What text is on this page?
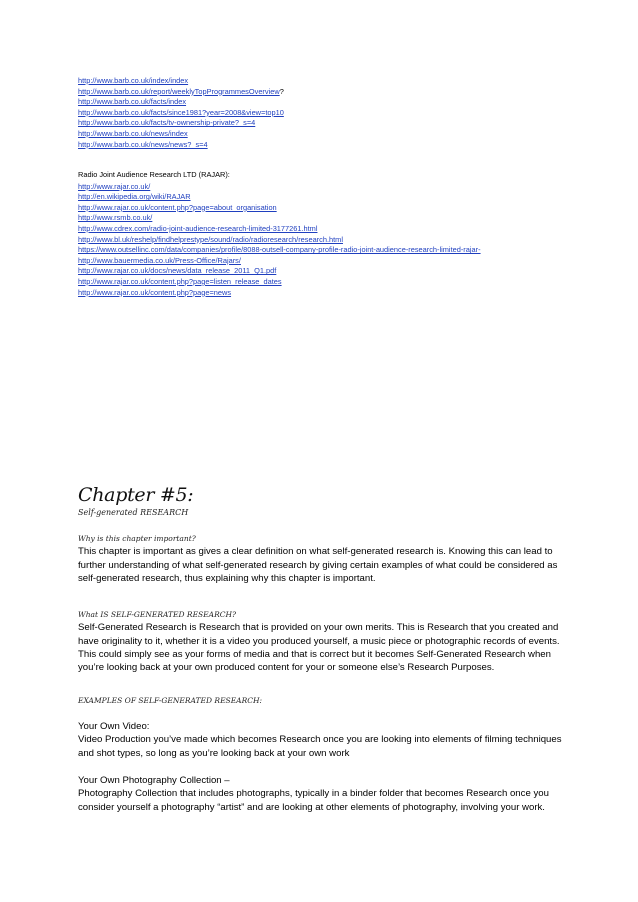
http://www.barb.co.uk/index/index
http://www.barb.co.uk/report/weeklyTopProgrammesOverview?
http://www.barb.co.uk/facts/index
http://www.barb.co.uk/facts/since1981?year=2008&view=top10
http://www.barb.co.uk/facts/tv-ownership-private?_s=4
http://www.barb.co.uk/news/index
http://www.barb.co.uk/news/news?_s=4
Radio Joint Audience Research LTD (RAJAR):
http://www.rajar.co.uk/
http://en.wikipedia.org/wiki/RAJAR
http://www.rajar.co.uk/content.php?page=about_organisation
http://www.rsmb.co.uk/
http://www.cdrex.com/radio-joint-audience-research-limited-3177261.html
http://www.bl.uk/reshelp/findhelprestype/sound/radio/radioresearch/research.html
https://www.outsellinc.com/data/companies/profile/8088-outsell-company-profile-radio-joint-audience-research-limited-rajar-
http://www.bauermedia.co.uk/Press-Office/Rajars/
http://www.rajar.co.uk/docs/news/data_release_2011_Q1.pdf
http://www.rajar.co.uk/content.php?page=listen_release_dates
http://www.rajar.co.uk/content.php?page=news
Chapter #5:
Self-generated RESEARCH
Why is this chapter important?

This chapter is important as gives a clear definition on what self-generated research is. Knowing this can lead to further understanding of what self-generated research by giving certain examples of what could be considered as self-generated research, thus explaining why this chapter is important.

What IS SELF-GENERATED RESEARCH?

Self-Generated Research is Research that is provided on your own merits. This is Research that you created and have originality to it, whether it is a video you produced yourself, a music piece or photographic records of events. This could simply see as your forms of media and that is correct but it becomes Self-Generated Research when you’re looking back at your own produced content for your or someone else’s Research Purposes.

EXAMPLES OF SELF-GENERATED RESEARCH:

Your Own Video:

Video Production you’ve made which becomes Research once you are looking into elements of filming techniques and shot types, so long as you’re looking back at your own work

Your Own Photography Collection –

Photography Collection that includes photographs, typically in a binder folder that becomes Research once you consider yourself a photography “artist” and are looking at other elements of photography, involving your work.
